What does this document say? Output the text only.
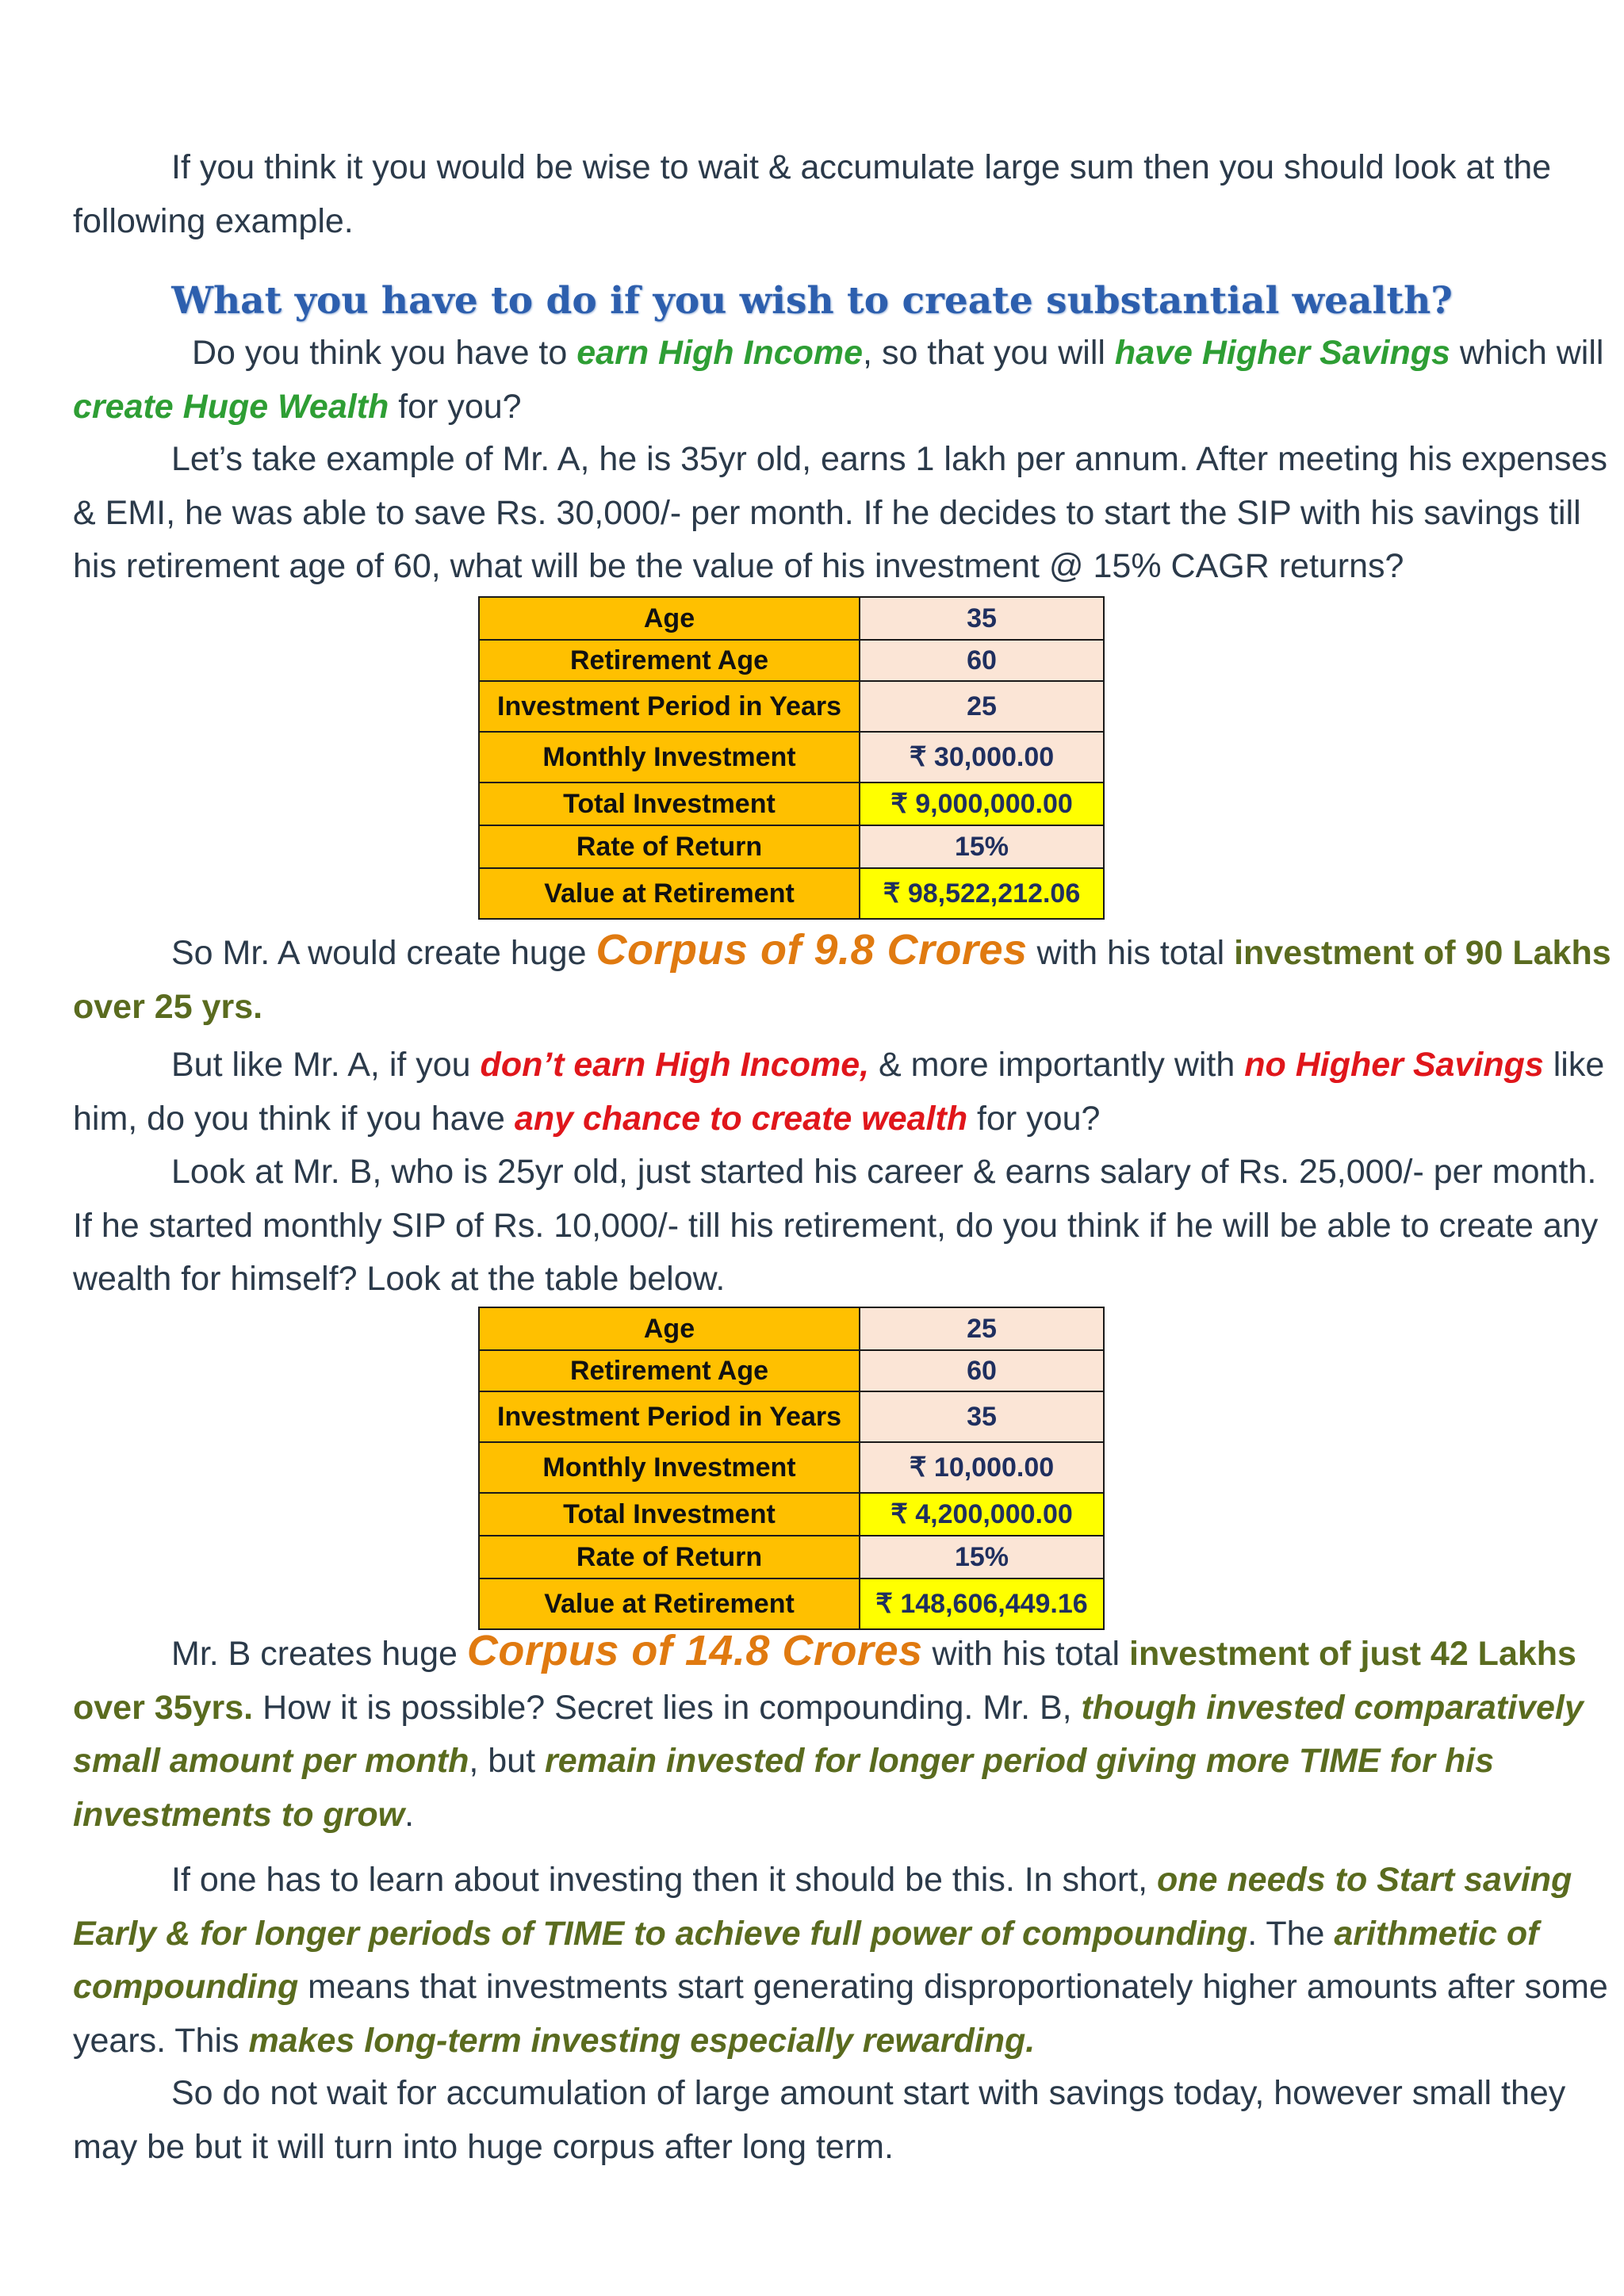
If you think it you would be wise to wait & accumulate large sum then you should look at the following example.

What you have to do if you wish to create substantial wealth?

Do you think you have to earn High Income, so that you will have Higher Savings which will create Huge Wealth for you?

Let’s take example of Mr. A, he is 35yr old, earns 1 lakh per annum. After meeting his expenses & EMI, he was able to save Rs. 30,000/- per month. If he decides to start the SIP with his savings till his retirement age of 60, what will be the value of his investment @ 15% CAGR returns?

Age	35
Retirement Age	60
Investment Period in Years	25
Monthly Investment	₹ 30,000.00
Total Investment	₹ 9,000,000.00
Rate of Return	15%
Value at Retirement	₹ 98,522,212.06

So Mr. A would create huge Corpus of 9.8 Crores with his total investment of 90 Lakhs over 25 yrs.

But like Mr. A, if you don’t earn High Income, & more importantly with no Higher Savings like him, do you think if you have any chance to create wealth for you?

Look at Mr. B, who is 25yr old, just started his career & earns salary of Rs. 25,000/- per month. If he started monthly SIP of Rs. 10,000/- till his retirement, do you think if he will be able to create any wealth for himself? Look at the table below.

Age	25
Retirement Age	60
Investment Period in Years	35
Monthly Investment	₹ 10,000.00
Total Investment	₹ 4,200,000.00
Rate of Return	15%
Value at Retirement	₹ 148,606,449.16

Mr. B creates huge Corpus of 14.8 Crores with his total investment of just 42 Lakhs over 35yrs. How it is possible? Secret lies in compounding. Mr. B, though invested comparatively small amount per month, but remain invested for longer period giving more TIME for his investments to grow.

If one has to learn about investing then it should be this. In short, one needs to Start saving Early & for longer periods of TIME to achieve full power of compounding. The arithmetic of compounding means that investments start generating disproportionately higher amounts after some years. This makes long-term investing especially rewarding.

So do not wait for accumulation of large amount start with savings today, however small they may be but it will turn into huge corpus after long term.
